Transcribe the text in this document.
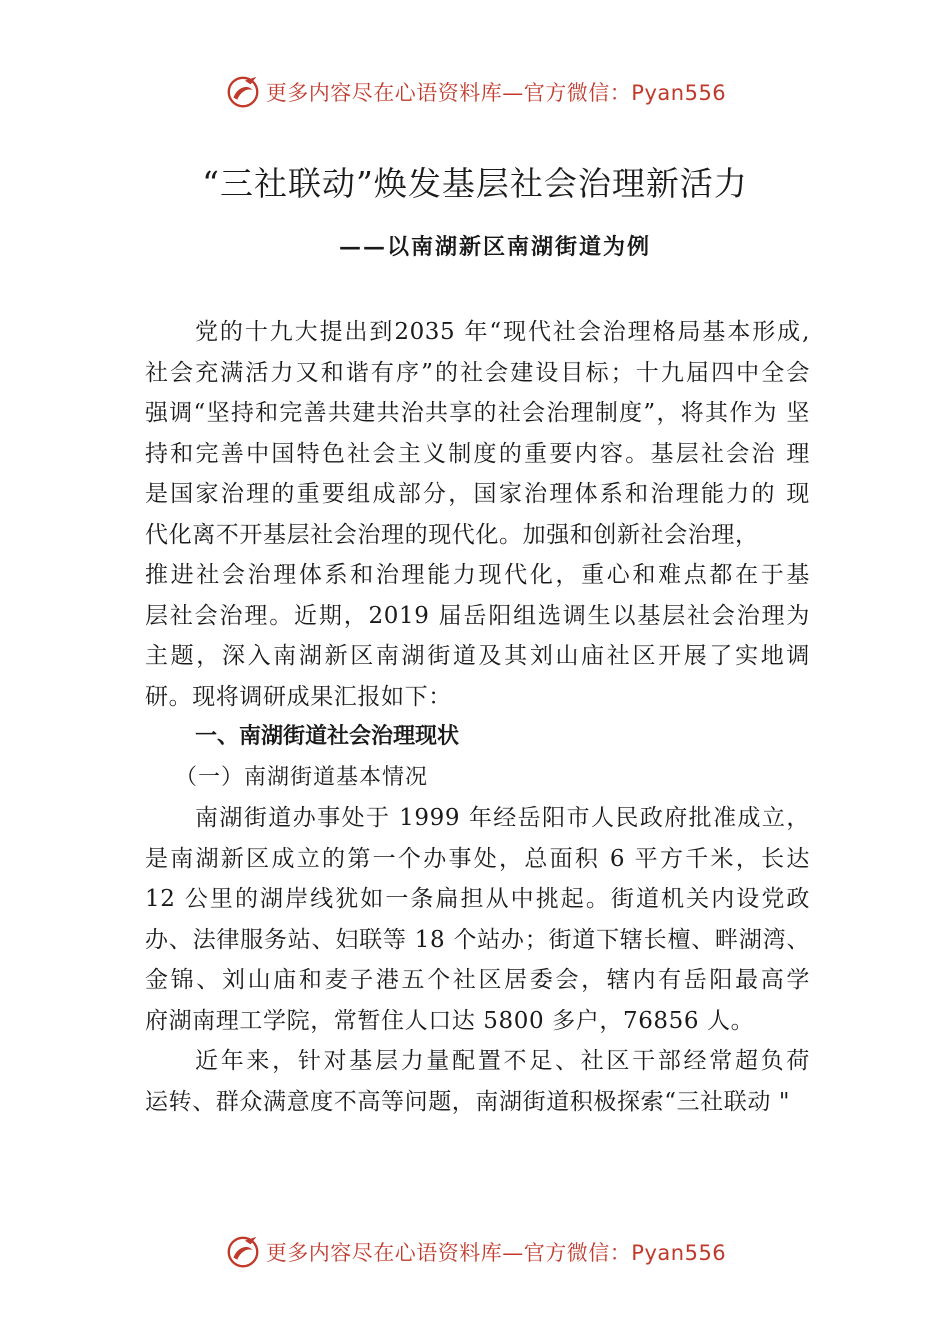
更多内容尽在心语资料库—官方微信：Pyan556
“三社联动”焕发基层社会治理新活力
——以南湖新区南湖街道为例
党的十九大提出到2035 年“现代社会治理格局基本形成,
社会充满活力又和谐有序”的社会建设目标；十九届四中全会
强调“坚持和完善共建共治共享的社会治理制度”，将其作为 坚
持和完善中国特色社会主义制度的重要内容。基层社会治 理
是国家治理的重要组成部分，国家治理体系和治理能力的 现
代化离不开基层社会治理的现代化。加强和创新社会治理，
推进社会治理体系和治理能力现代化，重心和难点都在于基
层社会治理。近期，2019 届岳阳组选调生以基层社会治理为
主题，深入南湖新区南湖街道及其刘山庙社区开展了实地调
研。现将调研成果汇报如下：
一、南湖街道社会治理现状
（一）南湖街道基本情况
南湖街道办事处于 1999 年经岳阳市人民政府批准成立，
是南湖新区成立的第一个办事处，总面积 6 平方千米，长达
12 公里的湖岸线犹如一条扁担从中挑起。街道机关内设党政
办、法律服务站、妇联等 18 个站办；街道下辖长檀、畔湖湾、
金锦、刘山庙和麦子港五个社区居委会，辖内有岳阳最高学
府湖南理工学院，常暂住人口达 5800 多户，76856 人。
近年来，针对基层力量配置不足、社区干部经常超负荷
运转、群众满意度不高等问题，南湖街道积极探索“三社联动 "
更多内容尽在心语资料库—官方微信：Pyan556
